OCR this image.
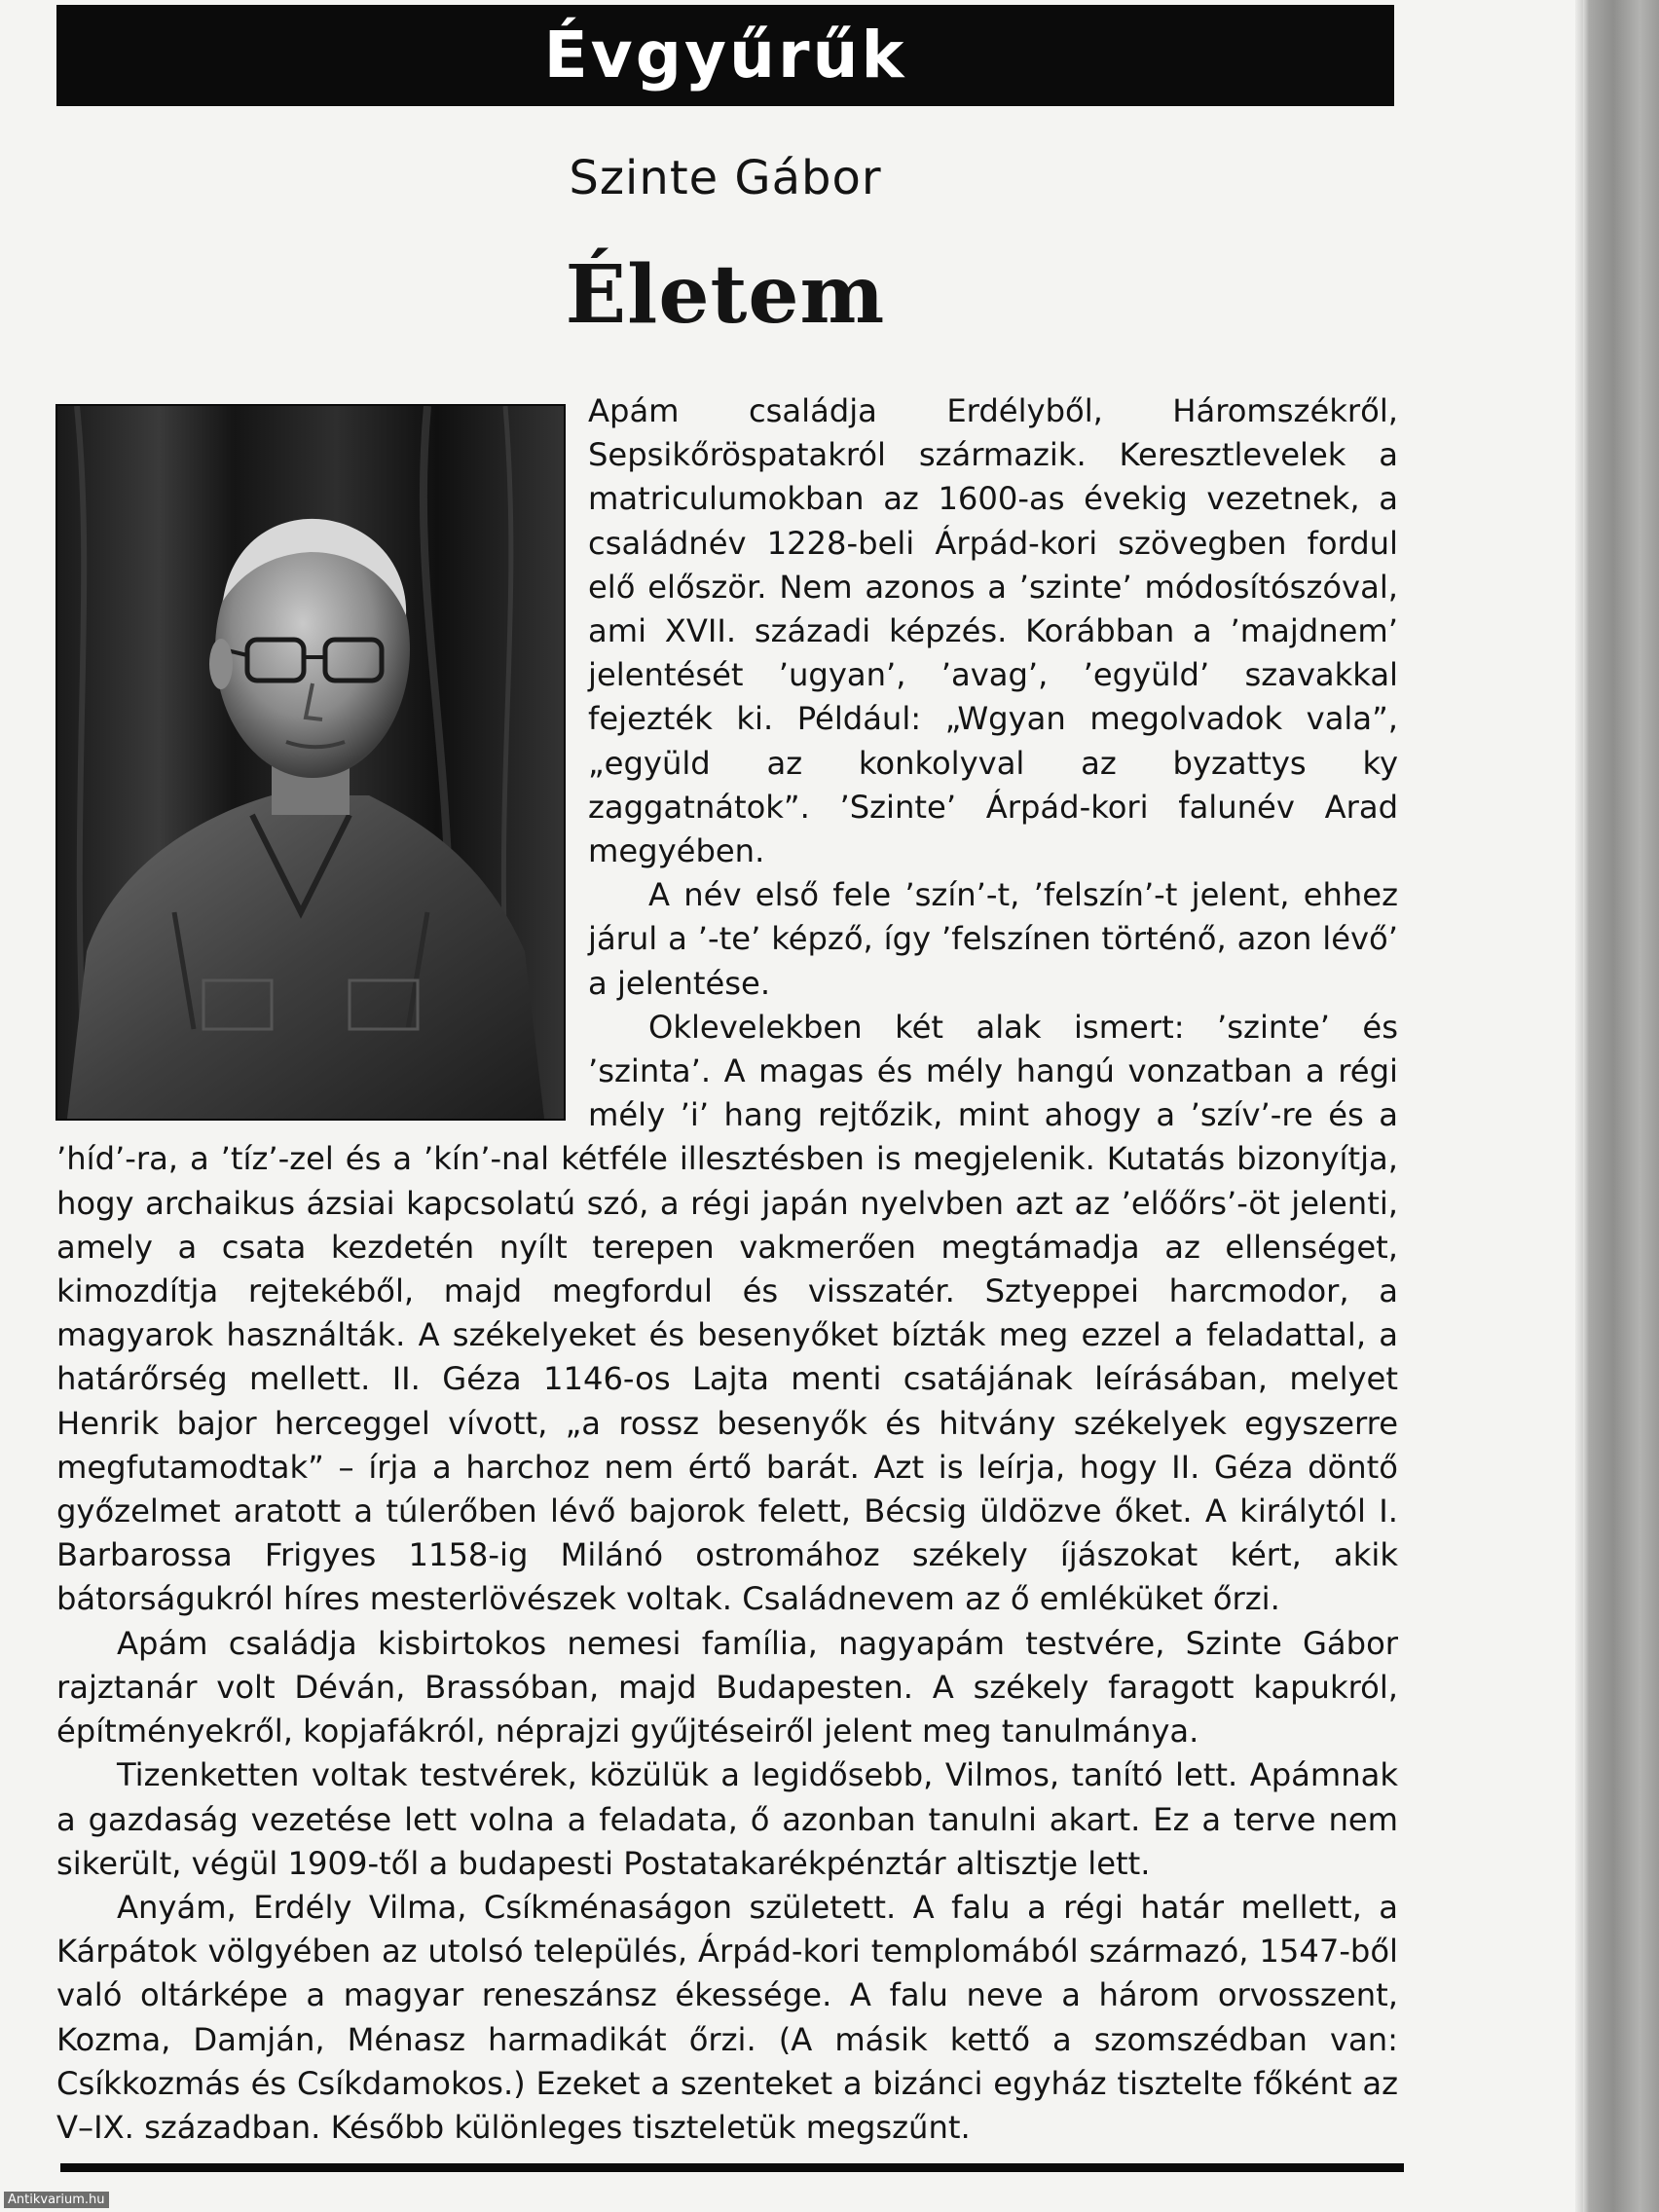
Évgyűrűk
Szinte Gábor
Életem

Apám családja Erdélyből, Háromszékről, Sepsikőröspatakról származik. Keresztlevelek a matriculumokban az 1600-as évekig vezetnek, a családnév 1228-beli Árpád-kori szövegben fordul elő először. Nem azonos a ’szinte’ módosítószóval, ami XVII. századi képzés. Korábban a ’majdnem’ jelentését ’ugyan’, ’avag’, ’együld’ szavakkal fejezték ki. Például: „Wgyan megolvadok vala”, „együld az konkolyval az byzattys ky zaggatnátok”. ’Szinte’ Árpád-kori falunév Arad megyében.

A név első fele ’szín’-t, ’felszín’-t jelent, ehhez járul a ’-te’ képző, így ’felszínen történő, azon lévő’ a jelentése.

Oklevelekben két alak ismert: ’szinte’ és ’szinta’. A magas és mély hangú vonzatban a régi mély ’i’ hang rejtőzik, mint ahogy a ’szív’-re és a ’híd’-ra, a ’tíz’-zel és a ’kín’-nal kétféle illesztésben is megjelenik. Kutatás bizonyítja, hogy archaikus ázsiai kapcsolatú szó, a régi japán nyelvben azt az ’előőrs’-öt jelenti, amely a csata kezdetén nyílt terepen vakmerően megtámadja az ellenséget, kimozdítja rejtekéből, majd megfordul és visszatér. Sztyeppei harcmodor, a magyarok használták. A székelyeket és besenyőket bízták meg ezzel a feladattal, a határőrség mellett. II. Géza 1146-os Lajta menti csatájának leírásában, melyet Henrik bajor herceggel vívott, „a rossz besenyők és hitvány székelyek egyszerre megfutamodtak” – írja a harchoz nem értő barát. Azt is leírja, hogy II. Géza döntő győzelmet aratott a túlerőben lévő bajorok felett, Bécsig üldözve őket. A királytól I. Barbarossa Frigyes 1158-ig Milánó ostromához székely íjászokat kért, akik bátorságukról híres mesterlövészek voltak. Családnevem az ő emléküket őrzi.

Apám családja kisbirtokos nemesi família, nagyapám testvére, Szinte Gábor rajztanár volt Déván, Brassóban, majd Budapesten. A székely faragott kapukról, építményekről, kopjafákról, néprajzi gyűjtéseiről jelent meg tanulmánya.

Tizenketten voltak testvérek, közülük a legidősebb, Vilmos, tanító lett. Apámnak a gazdaság vezetése lett volna a feladata, ő azonban tanulni akart. Ez a terve nem sikerült, végül 1909-től a budapesti Postatakarékpénztár altisztje lett.

Anyám, Erdély Vilma, Csíkménaságon született. A falu a régi határ mellett, a Kárpátok völgyében az utolsó település, Árpád-kori templomából származó, 1547-ből való oltárképe a magyar reneszánsz ékessége. A falu neve a három orvosszent, Kozma, Damján, Ménasz harmadikát őrzi. (A másik kettő a szomszédban van: Csíkkozmás és Csíkdamokos.) Ezeket a szenteket a bizánci egyház tisztelte főként az V–IX. században. Később különleges tiszteletük megszűnt.

Antikvarium.hu
